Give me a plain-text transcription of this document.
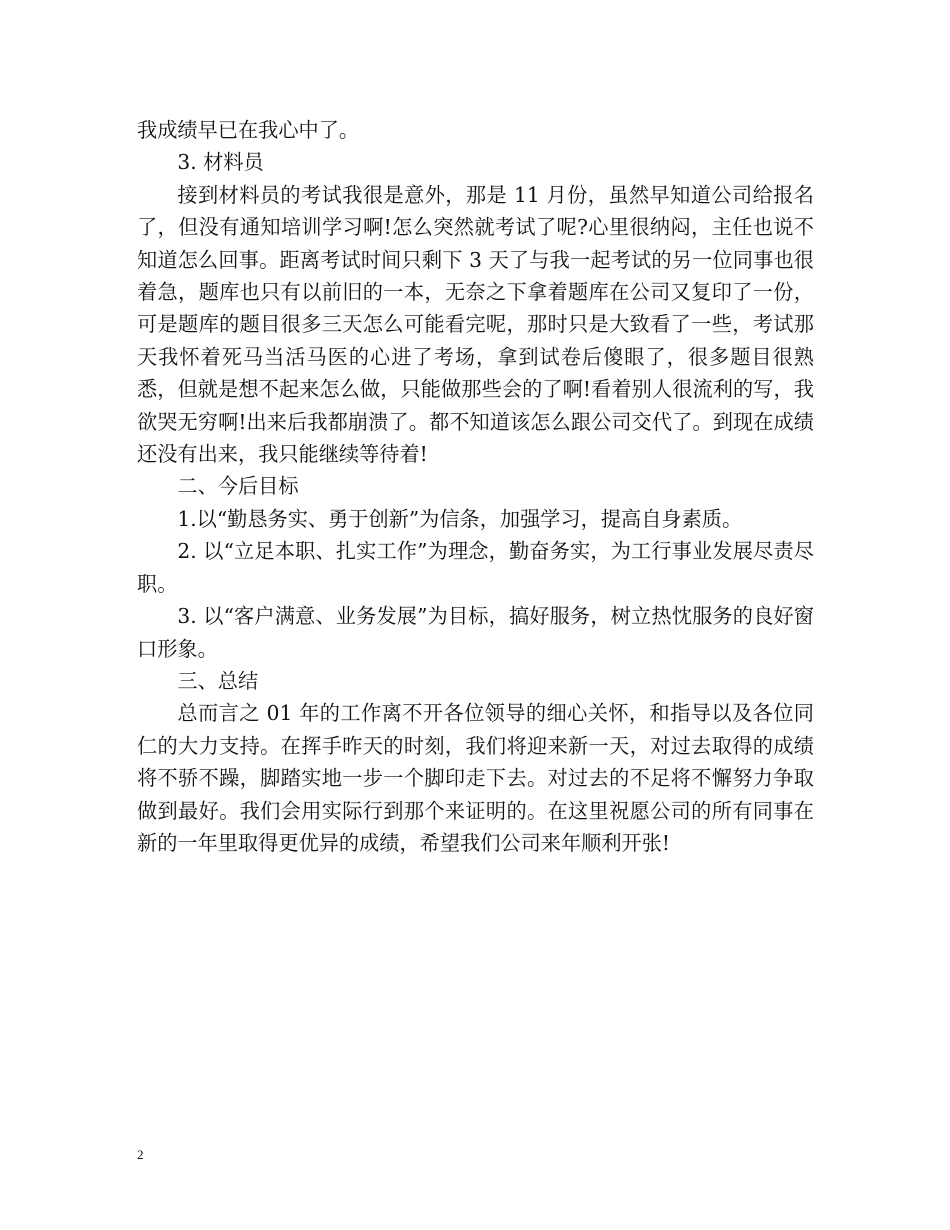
我成绩早已在我心中了。

3. 材料员

接到材料员的考试我很是意外，那是 11 月份，虽然早知道公司给报名了，但没有通知培训学习啊!怎么突然就考试了呢?心里很纳闷，主任也说不知道怎么回事。距离考试时间只剩下 3 天了与我一起考试的另一位同事也很着急，题库也只有以前旧的一本，无奈之下拿着题库在公司又复印了一份，可是题库的题目很多三天怎么可能看完呢，那时只是大致看了一些，考试那天我怀着死马当活马医的心进了考场，拿到试卷后傻眼了，很多题目很熟悉，但就是想不起来怎么做，只能做那些会的了啊!看着别人很流利的写，我欲哭无穷啊!出来后我都崩溃了。都不知道该怎么跟公司交代了。到现在成绩还没有出来，我只能继续等待着!

二、今后目标

1.以“勤恳务实、勇于创新”为信条，加强学习，提高自身素质。

2. 以“立足本职、扎实工作”为理念，勤奋务实，为工行事业发展尽责尽职。

3. 以“客户满意、业务发展”为目标，搞好服务，树立热忱服务的良好窗口形象。

三、总结

总而言之 01 年的工作离不开各位领导的细心关怀，和指导以及各位同仁的大力支持。在挥手昨天的时刻，我们将迎来新一天，对过去取得的成绩将不骄不躁，脚踏实地一步一个脚印走下去。对过去的不足将不懈努力争取做到最好。我们会用实际行到那个来证明的。在这里祝愿公司的所有同事在新的一年里取得更优异的成绩，希望我们公司来年顺利开张!

2
